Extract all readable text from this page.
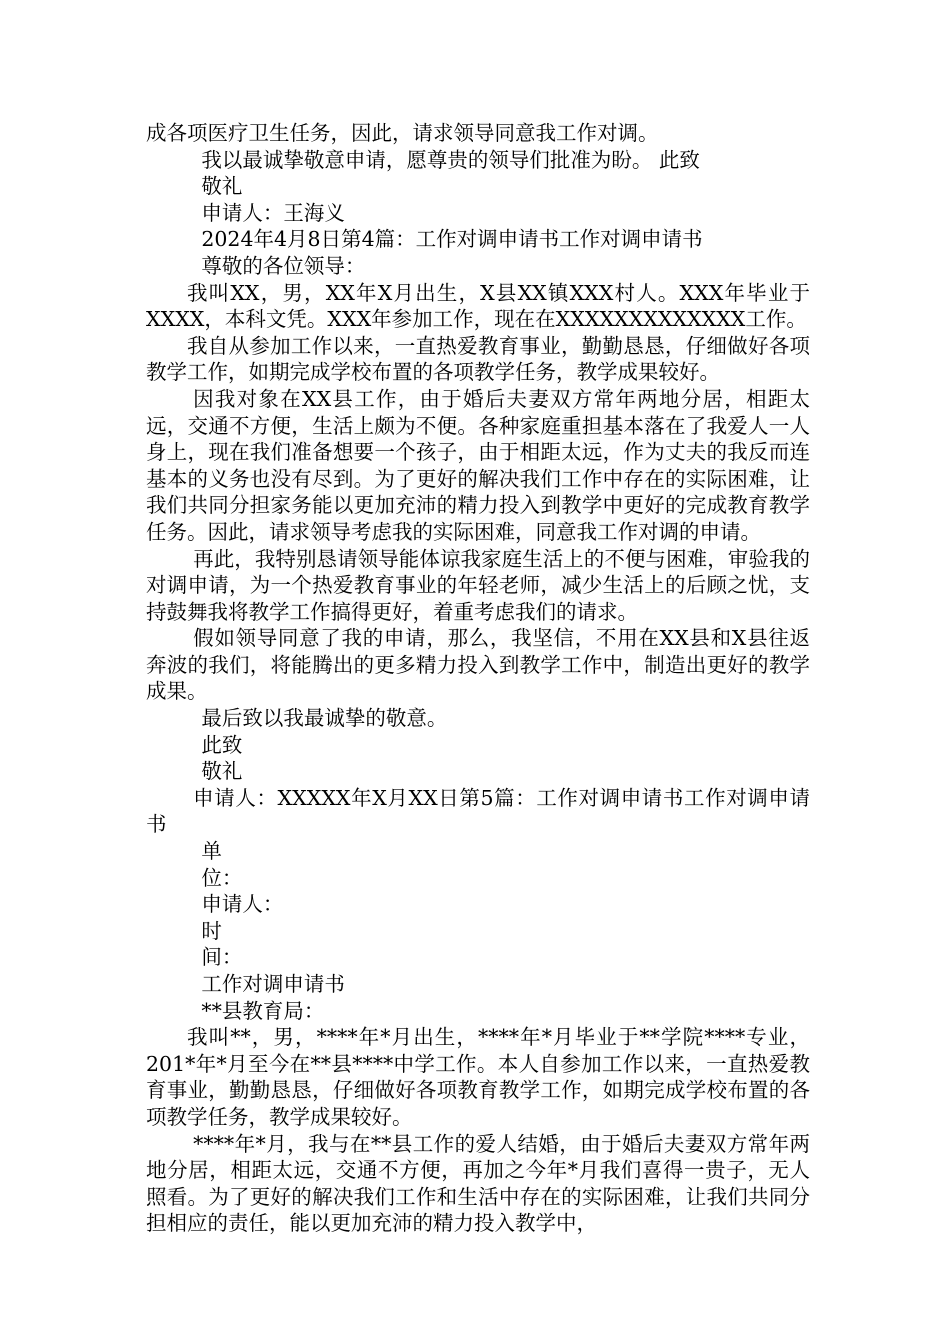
成各项医疗卫生任务，因此，请求领导同意我工作对调。
我以最诚挚敬意申请，愿尊贵的领导们批准为盼。 此致
敬礼
申请人：王海义
2024年4月8日第4篇：工作对调申请书工作对调申请书
尊敬的各位领导：

我叫XX，男，XX年X月出生，X县XX镇XXX村人。XXX年毕业于XXXX，本科文凭。XXX年参加工作，现在在XXXXXXXXXXXXX工作。

我自从参加工作以来，一直热爱教育事业，勤勤恳恳，仔细做好各项教学工作，如期完成学校布置的各项教学任务，教学成果较好。

因我对象在XX县工作，由于婚后夫妻双方常年两地分居，相距太远，交通不方便，生活上颇为不便。各种家庭重担基本落在了我爱人一人身上，现在我们准备想要一个孩子，由于相距太远，作为丈夫的我反而连基本的义务也没有尽到。为了更好的解决我们工作中存在的实际困难，让我们共同分担家务能以更加充沛的精力投入到教学中更好的完成教育教学任务。因此，请求领导考虑我的实际困难，同意我工作对调的申请。

再此，我特别恳请领导能体谅我家庭生活上的不便与困难，审验我的对调申请，为一个热爱教育事业的年轻老师，减少生活上的后顾之忧，支持鼓舞我将教学工作搞得更好，着重考虑我们的请求。

假如领导同意了我的申请，那么，我坚信，不用在XX县和X县往返奔波的我们，将能腾出的更多精力投入到教学工作中，制造出更好的教学成果。

最后致以我最诚挚的敬意。
此致
敬礼

申请人：XXXXX年X月XX日第5篇：工作对调申请书工作对调申请书

单
位：
申请人：
时
间：
工作对调申请书
**县教育局：

我叫**，男，****年*月出生，****年*月毕业于**学院****专业，201*年*月至今在**县****中学工作。本人自参加工作以来，一直热爱教育事业，勤勤恳恳，仔细做好各项教育教学工作，如期完成学校布置的各项教学任务，教学成果较好。

****年*月，我与在**县工作的爱人结婚，由于婚后夫妻双方常年两地分居，相距太远，交通不方便，再加之今年*月我们喜得一贵子，无人照看。为了更好的解决我们工作和生活中存在的实际困难，让我们共同分担相应的责任，能以更加充沛的精力投入教学中，
